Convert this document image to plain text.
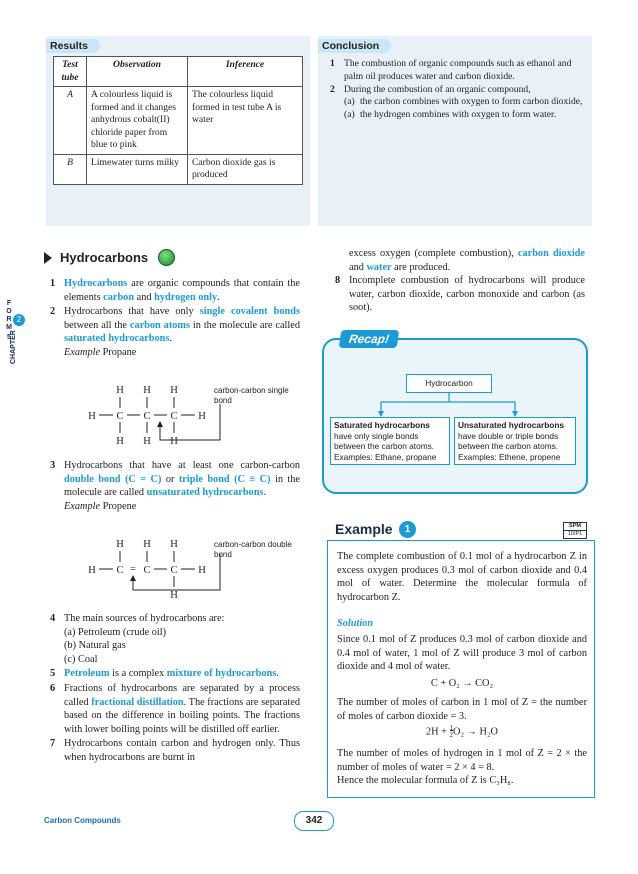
Results
Test tube	Observation	Inference
A	A colourless liquid is formed and it changes anhydrous cobalt(II) chloride paper from blue to pink	The colourless liquid formed in test tube A is water
B	Limewater turns milky	Carbon dioxide gas is produced
Conclusion
1 The combustion of organic compounds such as ethanol and palm oil produces water and carbon dioxide.
2 During the combustion of an organic compound,
(a) the carbon combines with oxygen to form carbon dioxide,
(a) the hydrogen combines with oxygen to form water.
FORM
5
2
CHAPTER
Hydrocarbons
1 Hydrocarbons are organic compounds that contain the elements carbon and hydrogen only.
2 Hydrocarbons that have only single covalent bonds between all the carbon atoms in the molecule are called saturated hydrocarbons.
Example Propane
H H H
H C C C H
H H H
carbon-carbon single bond
3 Hydrocarbons that have at least one carbon-carbon double bond (C = C) or triple bond (C ≡ C) in the molecule are called unsaturated hydrocarbons.
Example Propene
H H H
H C = C C H
H
carbon-carbon double bond
4 The main sources of hydrocarbons are:
(a) Petroleum (crude oil)
(b) Natural gas
(c) Coal
5 Petroleum is a complex mixture of hydrocarbons.
6 Fractions of hydrocarbons are separated by a process called fractional distillation. The fractions are separated based on the difference in boiling points. The fractions with lower boiling points will be distilled off earlier.
7 Hydrocarbons contain carbon and hydrogen only. Thus when hydrocarbons are burnt in
excess oxygen (complete combustion), carbon dioxide and water are produced.
8 Incomplete combustion of hydrocarbons will produce water, carbon dioxide, carbon monoxide and carbon (as soot).
Recap!
Hydrocarbon
Saturated hydrocarbons
have only single bonds between the carbon atoms.
Examples: Ethane, propane
Unsaturated hydrocarbons have double or triple bonds between the carbon atoms.
Examples: Ethene, propene
Example	1	SPM
10/P1
The complete combustion of 0.1 mol of a hydrocarbon Z in excess oxygen produces 0.3 mol of carbon dioxide and 0.4 mol of water. Determine the molecular formula of hydrocarbon Z.
Solution
Since 0.1 mol of Z produces 0.3 mol of carbon dioxide and 0.4 mol of water, 1 mol of Z will produce 3 mol of carbon dioxide and 4 mol of water.
C + O₂ → CO₂
The number of moles of carbon in 1 mol of Z = the number of moles of carbon dioxide = 3.
2H + 1
2O₂ → H₂O
The number of moles of hydrogen in 1 mol of Z = 2 × the number of moles of water = 2 × 4 = 8.
Hence the molecular formula of Z is C₃H₈.
Carbon Compounds	342
